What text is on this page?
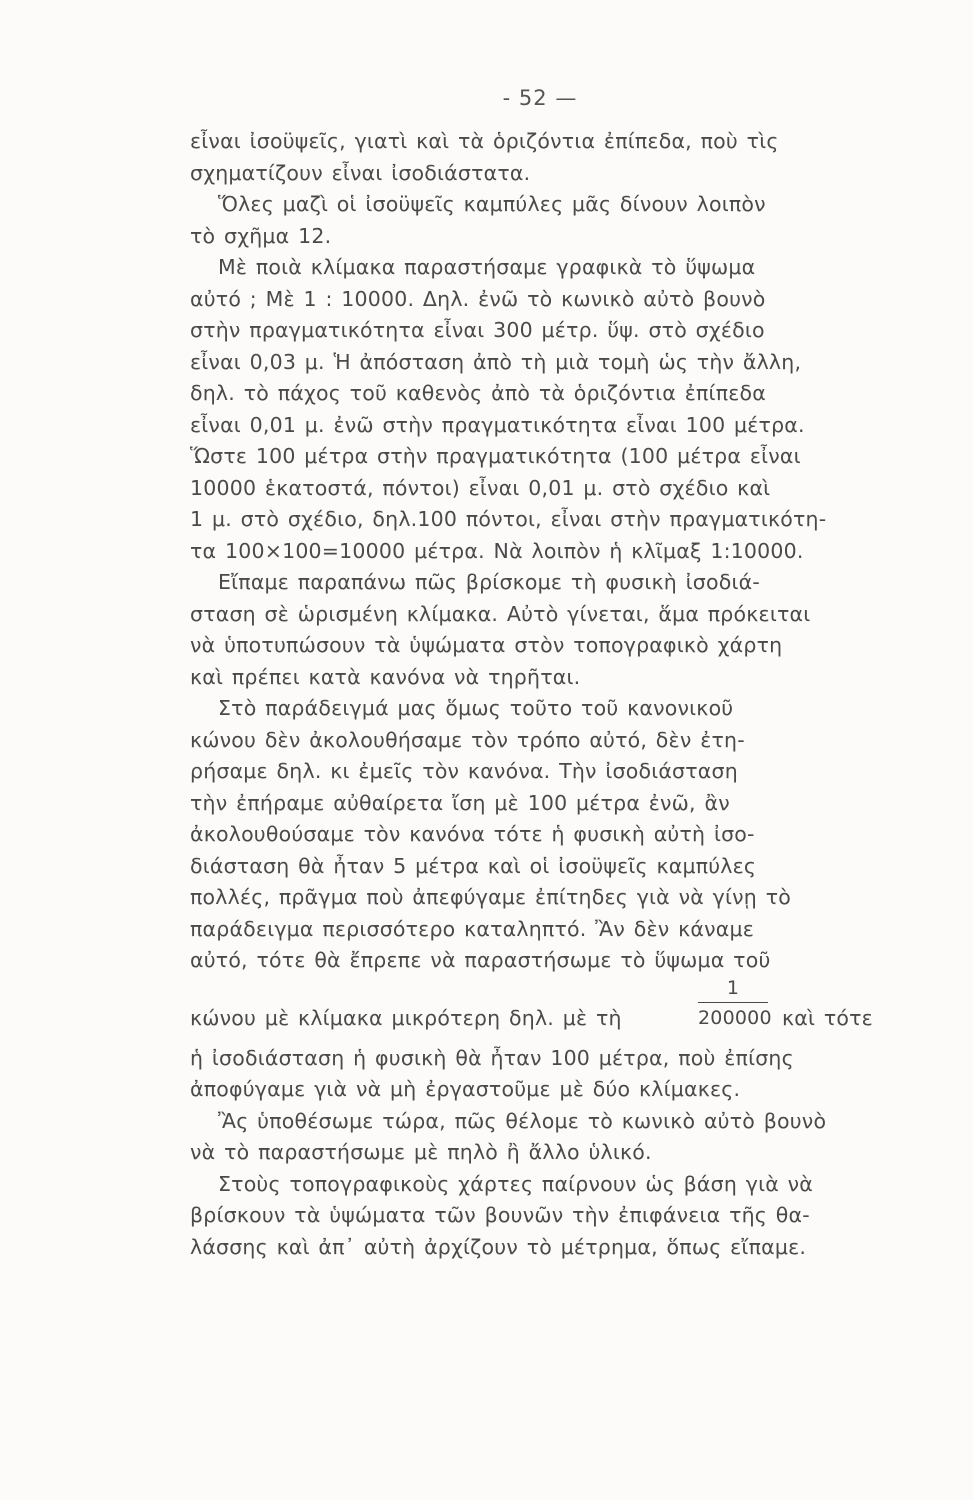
- 52 —

εἶναι ἰσοϋψεῖς, γιατὶ καὶ τὰ ὁριζόντια ἐπίπεδα, ποὺ τὶς
σχηματίζουν εἶναι ἰσοδιάστατα.

Ὅλες μαζὶ οἱ ἰσοϋψεῖς καμπύλες μᾶς δίνουν λοιπὸν
τὸ σχῆμα 12.

Μὲ ποιὰ κλίμακα παραστήσαμε γραφικὰ τὸ ὕψωμα
αὐτό ; Μὲ 1 : 10000. Δηλ. ἐνῶ τὸ κωνικὸ αὐτὸ βουνὸ
στὴν πραγματικότητα εἶναι 300 μέτρ. ὕψ. στὸ σχέδιο
εἶναι 0,03 μ. Ἡ ἀπόσταση ἀπὸ τὴ μιὰ τομὴ ὡς τὴν ἄλλη,
δηλ. τὸ πάχος τοῦ καθενὸς ἀπὸ τὰ ὁριζόντια ἐπίπεδα
εἶναι 0,01 μ. ἐνῶ στὴν πραγματικότητα εἶναι 100 μέτρα.

Ὥστε 100 μέτρα στὴν πραγματικότητα (100 μέτρα εἶναι
10000 ἑκατοστά, πόντοι) εἶναι 0,01 μ. στὸ σχέδιο καὶ
1 μ. στὸ σχέδιο, δηλ.100 πόντοι, εἶναι στὴν πραγματικότη-
τα 100×100=10000 μέτρα. Νὰ λοιπὸν ἡ κλῖμαξ 1:10000.

Εἴπαμε παραπάνω πῶς βρίσκομε τὴ φυσικὴ ἰσοδιά-
σταση σὲ ὡρισμένη κλίμακα. Αὐτὸ γίνεται, ἅμα πρόκειται
νὰ ὑποτυπώσουν τὰ ὑψώματα στὸν τοπογραφικὸ χάρτη
καὶ πρέπει κατὰ κανόνα νὰ τηρῆται.

Στὸ παράδειγμά μας ὅμως τοῦτο τοῦ κανονικοῦ
κώνου δὲν ἀκολουθήσαμε τὸν τρόπο αὐτό, δὲν ἐτη-
ρήσαμε δηλ. κι ἐμεῖς τὸν κανόνα. Τὴν ἰσοδιάσταση
τὴν ἐπήραμε αὐθαίρετα ἴση μὲ 100 μέτρα ἐνῶ, ἂν
ἀκολουθούσαμε τὸν κανόνα τότε ἡ φυσικὴ αὐτὴ ἰσο-
διάσταση θὰ ἦταν 5 μέτρα καὶ οἱ ἰσοϋψεῖς καμπύλες
πολλές, πρᾶγμα ποὺ ἀπεφύγαμε ἐπίτηδες γιὰ νὰ γίνῃ τὸ
παράδειγμα περισσότερο καταληπτό. Ἂν δὲν κάναμε
αὐτό, τότε θὰ ἔπρεπε νὰ παραστήσωμε τὸ ὕψωμα τοῦ

κώνου μὲ κλίμακα μικρότερη δηλ. μὲ τὴ	$\frac{1}{200000}$ καὶ τότε

ἡ ἰσοδιάσταση ἡ φυσικὴ θὰ ἦταν 100 μέτρα, ποὺ ἐπίσης
ἀποφύγαμε γιὰ νὰ μὴ ἐργαστοῦμε μὲ δύο κλίμακες.

Ἂς ὑποθέσωμε τώρα, πῶς θέλομε τὸ κωνικὸ αὐτὸ βουνὸ
νὰ τὸ παραστήσωμε μὲ πηλὸ ἢ ἄλλο ὑλικό.

Στοὺς τοπογραφικοὺς χάρτες παίρνουν ὡς βάση γιὰ νὰ
βρίσκουν τὰ ὑψώματα τῶν βουνῶν τὴν ἐπιφάνεια τῆς θα-
λάσσης καὶ ἀπ᾿ αὐτὴ ἀρχίζουν τὸ μέτρημα, ὅπως εἴπαμε.
